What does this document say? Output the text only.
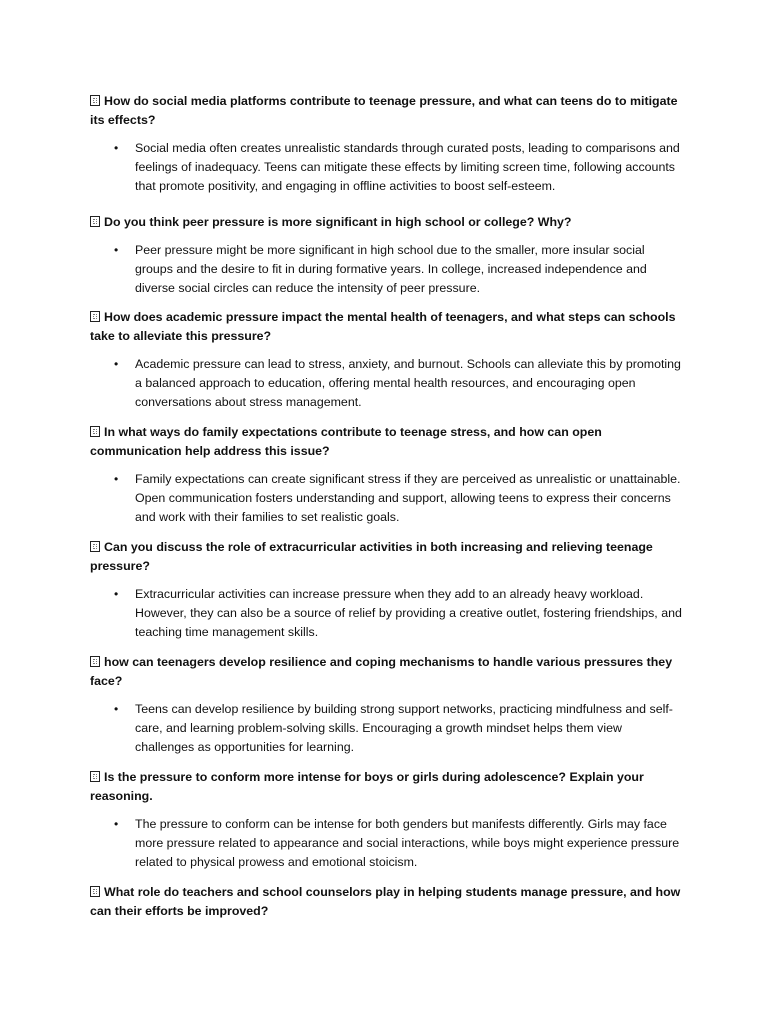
How do social media platforms contribute to teenage pressure, and what can teens do to mitigate its effects?

• Social media often creates unrealistic standards through curated posts, leading to comparisons and feelings of inadequacy. Teens can mitigate these effects by limiting screen time, following accounts that promote positivity, and engaging in offline activities to boost self-esteem.

Do you think peer pressure is more significant in high school or college? Why?

• Peer pressure might be more significant in high school due to the smaller, more insular social groups and the desire to fit in during formative years. In college, increased independence and diverse social circles can reduce the intensity of peer pressure.

How does academic pressure impact the mental health of teenagers, and what steps can schools take to alleviate this pressure?

• Academic pressure can lead to stress, anxiety, and burnout. Schools can alleviate this by promoting a balanced approach to education, offering mental health resources, and encouraging open conversations about stress management.

In what ways do family expectations contribute to teenage stress, and how can open communication help address this issue?

• Family expectations can create significant stress if they are perceived as unrealistic or unattainable. Open communication fosters understanding and support, allowing teens to express their concerns and work with their families to set realistic goals.

Can you discuss the role of extracurricular activities in both increasing and relieving teenage pressure?

• Extracurricular activities can increase pressure when they add to an already heavy workload. However, they can also be a source of relief by providing a creative outlet, fostering friendships, and teaching time management skills.

how can teenagers develop resilience and coping mechanisms to handle various pressures they face?

• Teens can develop resilience by building strong support networks, practicing mindfulness and self-care, and learning problem-solving skills. Encouraging a growth mindset helps them view challenges as opportunities for learning.

Is the pressure to conform more intense for boys or girls during adolescence? Explain your reasoning.

• The pressure to conform can be intense for both genders but manifests differently. Girls may face more pressure related to appearance and social interactions, while boys might experience pressure related to physical prowess and emotional stoicism.

What role do teachers and school counselors play in helping students manage pressure, and how can their efforts be improved?
